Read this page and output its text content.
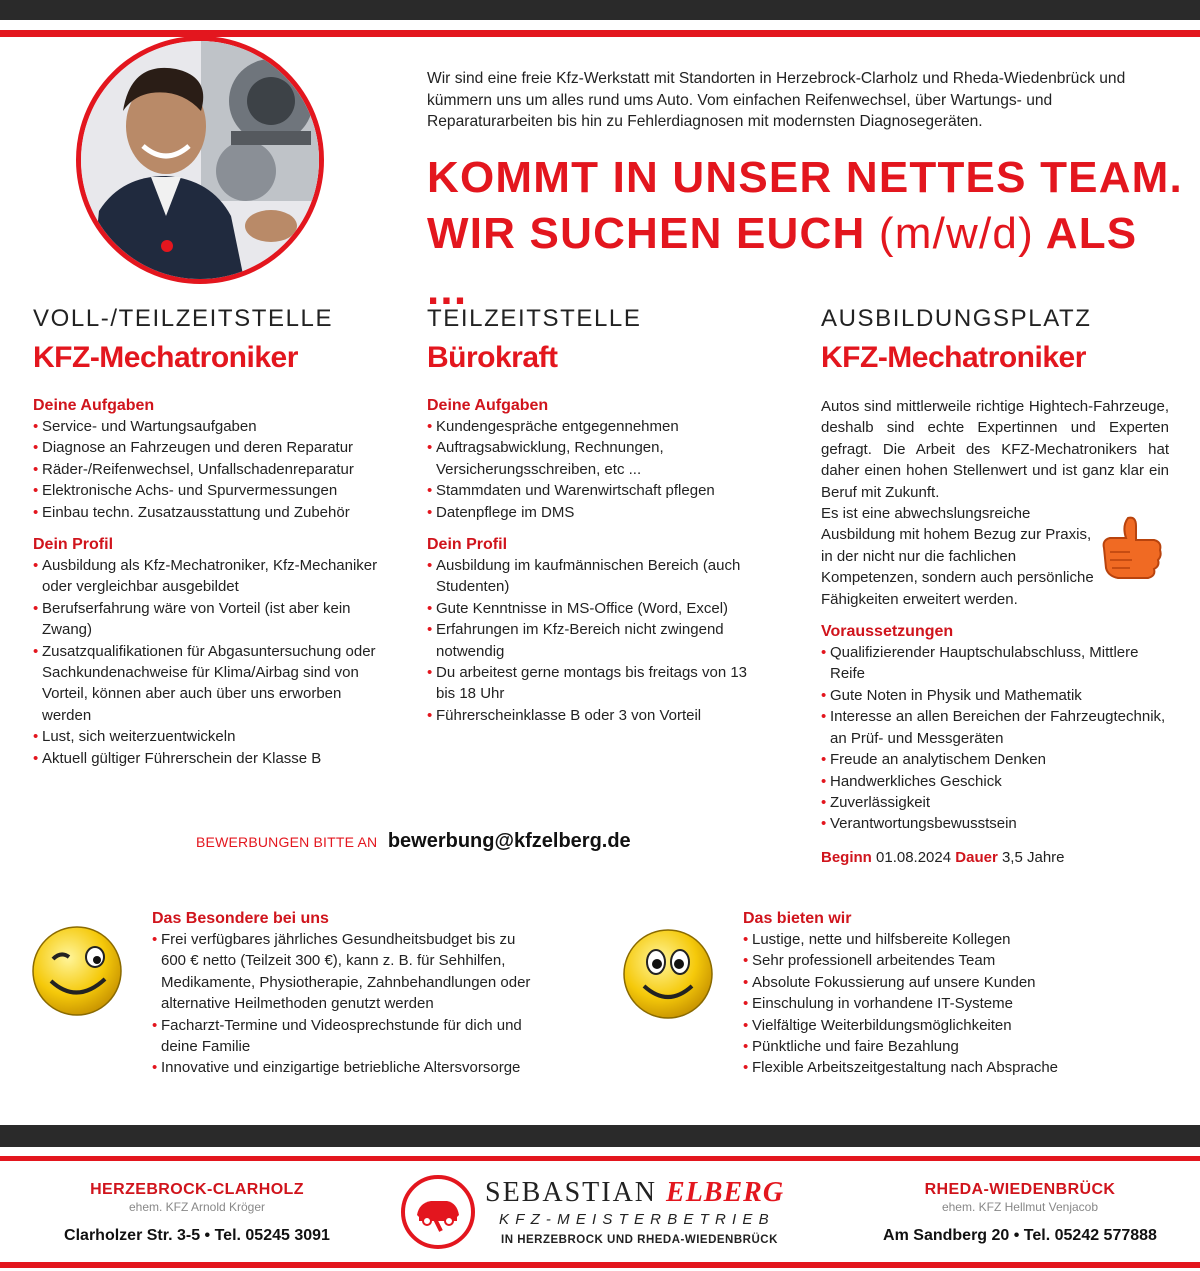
Wir sind eine freie Kfz-Werkstatt mit Standorten in Herzebrock-Clarholz und Rheda-Wiedenbrück und kümmern uns um alles rund ums Auto. Vom einfachen Reifenwechsel, über Wartungs- und Reparaturarbeiten bis hin zu Fehlerdiagnosen mit modernsten Diagnosegeräten.
KOMMT IN UNSER NETTES TEAM.
WIR SUCHEN EUCH (m/w/d) ALS ...
VOLL-/TEILZEITSTELLE
KFZ-Mechatroniker
Deine Aufgaben
• Service- und Wartungsaufgaben
• Diagnose an Fahrzeugen und deren Reparatur
• Räder-/Reifenwechsel, Unfallschadenreparatur
• Elektronische Achs- und Spurvermessungen
• Einbau techn. Zusatzausstattung und Zubehör
Dein Profil
• Ausbildung als Kfz-Mechatroniker, Kfz-Mechaniker oder vergleichbar ausgebildet
• Berufserfahrung wäre von Vorteil (ist aber kein Zwang)
• Zusatzqualifikationen für Abgasuntersuchung oder Sachkundenachweise für Klima/Airbag sind von Vorteil, können aber auch über uns erworben werden
• Lust, sich weiterzuentwickeln
• Aktuell gültiger Führerschein der Klasse B
TEILZEITSTELLE
Bürokraft
Deine Aufgaben
• Kundengespräche entgegennehmen
• Auftragsabwicklung, Rechnungen, Versicherungsschreiben, etc ...
• Stammdaten und Warenwirtschaft pflegen
• Datenpflege im DMS
Dein Profil
• Ausbildung im kaufmännischen Bereich (auch Studenten)
• Gute Kenntnisse in MS-Office (Word, Excel)
• Erfahrungen im Kfz-Bereich nicht zwingend notwendig
• Du arbeitest gerne montags bis freitags von 13 bis 18 Uhr
• Führerscheinklasse B oder 3 von Vorteil
AUSBILDUNGSPLATZ
KFZ-Mechatroniker
Autos sind mittlerweile richtige Hightech-Fahrzeuge, deshalb sind echte Expertinnen und Experten gefragt. Die Arbeit des KFZ-Mechatronikers hat daher einen hohen Stellenwert und ist ganz klar ein Beruf mit Zukunft.
Es ist eine abwechslungsreiche Ausbildung mit hohem Bezug zur Praxis, in der nicht nur die fachlichen Kompetenzen, sondern auch persönliche Fähigkeiten erweitert werden.
Voraussetzungen
• Qualifizierender Hauptschulabschluss, Mittlere Reife
• Gute Noten in Physik und Mathematik
• Interesse an allen Bereichen der Fahrzeugtechnik, an Prüf- und Messgeräten
• Freude an analytischem Denken
• Handwerkliches Geschick
• Zuverlässigkeit
• Verantwortungsbewusstsein
Beginn 01.08.2024 Dauer 3,5 Jahre
BEWERBUNGEN BITTE AN bewerbung@kfzelberg.de
Das Besondere bei uns
• Frei verfügbares jährliches Gesundheitsbudget bis zu 600 € netto (Teilzeit 300 €), kann z. B. für Sehhilfen, Medikamente, Physiotherapie, Zahnbehandlungen oder alternative Heilmethoden genutzt werden
• Facharzt-Termine und Videosprechstunde für dich und deine Familie
• Innovative und einzigartige betriebliche Altersvorsorge
Das bieten wir
• Lustige, nette und hilfsbereite Kollegen
• Sehr professionell arbeitendes Team
• Absolute Fokussierung auf unsere Kunden
• Einschulung in vorhandene IT-Systeme
• Vielfältige Weiterbildungsmöglichkeiten
• Pünktliche und faire Bezahlung
• Flexible Arbeitszeitgestaltung nach Absprache
HERZEBROCK-CLARHOLZ
ehem. KFZ Arnold Kröger
Clarholzer Str. 3-5 • Tel. 05245 3091
SEBASTIAN ELBERG
KFZ-MEISTERBETRIEB
IN HERZEBROCK UND RHEDA-WIEDENBRÜCK
RHEDA-WIEDENBRÜCK
ehem. KFZ Hellmut Venjacob
Am Sandberg 20 • Tel. 05242 577888
